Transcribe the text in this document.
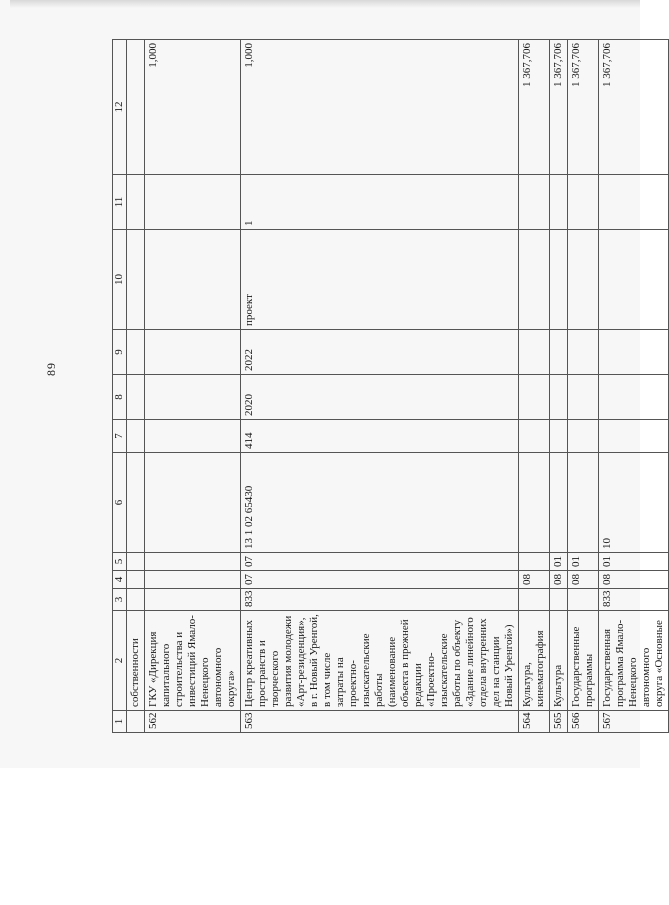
89
1	2	3	4	5	6	7	8	9	10	11	12
	собственности										
562	ГКУ «Дирекция капитального строительства и инвестиций Ямало-Ненецкого автономного округа»										1,000
563	Центр креативных пространств и творческого развития молодежи «Арт-резиденция», в г. Новый Уренгой, в том числе затраты на проектно-изыскательские работы (наименование объекта в прежней редакции «Проектно-изыскательские работы по объекту «Здание линейного отдела внутренних дел на станции Новый Уренгой»)	833	07	07	13 1 02 65430	414	2020	2022	проект	1	1,000
564	Культура, кинематография		08								1 367,706
565	Культура		08	01							1 367,706
566	Государственные программы		08	01							1 367,706
567	Государственная программа Ямало-Ненецкого автономного округа «Основные	833	08	01	10						1 367,706
